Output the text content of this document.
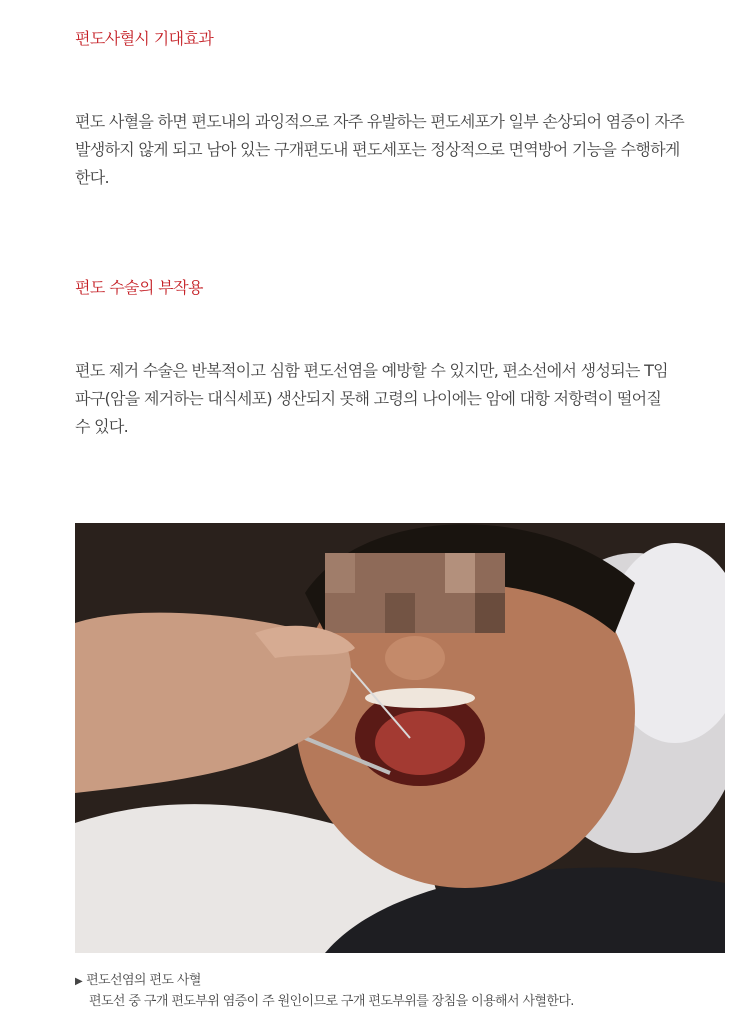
편도사혈시 기대효과

편도 사혈을 하면 편도내의 과잉적으로 자주 유발하는 편도세포가 일부 손상되어 염증이 자주
발생하지 않게 되고 남아 있는 구개편도내 편도세포는 정상적으로 면역방어 기능을 수행하게
한다.

편도 수술의 부작용

편도 제거 수술은 반복적이고 심함 편도선염을 예방할 수 있지만, 편소선에서 생성되는 T임
파구(암을 제거하는 대식세포) 생산되지 못해 고령의 나이에는 암에 대항 저항력이 떨어질
수 있다.

▶ 편도선염의 편도 사혈
편도선 중 구개 편도부위 염증이 주 원인이므로 구개 편도부위를 장침을 이용해서 사혈한다.
